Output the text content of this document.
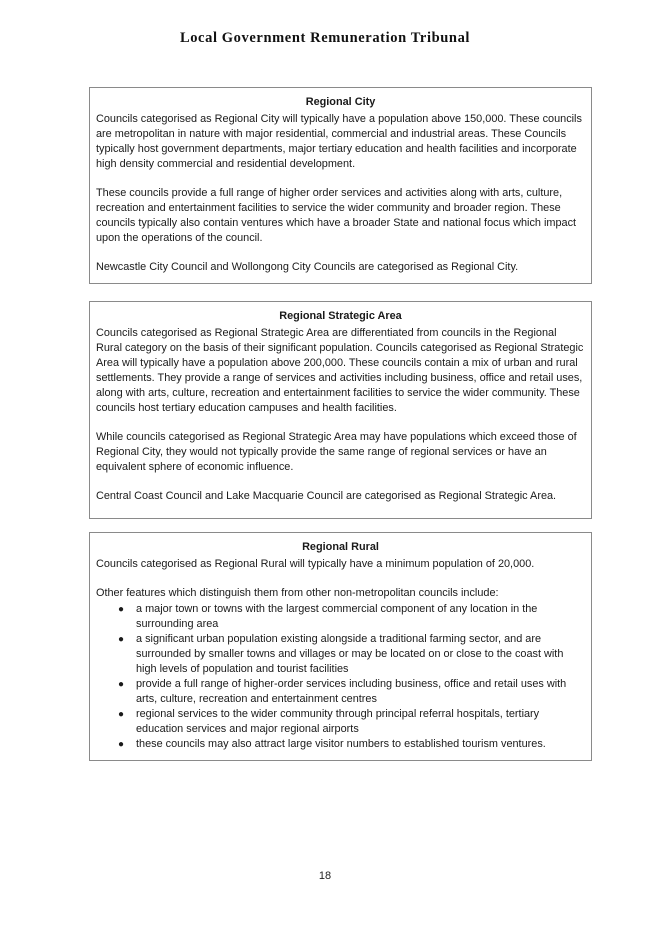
Local Government Remuneration Tribunal
Regional City

Councils categorised as Regional City will typically have a population above 150,000. These councils are metropolitan in nature with major residential, commercial and industrial areas. These Councils typically host government departments, major tertiary education and health facilities and incorporate high density commercial and residential development.

These councils provide a full range of higher order services and activities along with arts, culture, recreation and entertainment facilities to service the wider community and broader region. These councils typically also contain ventures which have a broader State and national focus which impact upon the operations of the council.

Newcastle City Council and Wollongong City Councils are categorised as Regional City.

Regional Strategic Area

Councils categorised as Regional Strategic Area are differentiated from councils in the Regional Rural category on the basis of their significant population. Councils categorised as Regional Strategic Area will typically have a population above 200,000. These councils contain a mix of urban and rural settlements. They provide a range of services and activities including business, office and retail uses, along with arts, culture, recreation and entertainment facilities to service the wider community. These councils host tertiary education campuses and health facilities.

While councils categorised as Regional Strategic Area may have populations which exceed those of Regional City, they would not typically provide the same range of regional services or have an equivalent sphere of economic influence.

Central Coast Council and Lake Macquarie Council are categorised as Regional Strategic Area.

Regional Rural

Councils categorised as Regional Rural will typically have a minimum population of 20,000.

Other features which distinguish them from other non-metropolitan councils include:

● a major town or towns with the largest commercial component of any location in the surrounding area
● a significant urban population existing alongside a traditional farming sector, and are surrounded by smaller towns and villages or may be located on or close to the coast with high levels of population and tourist facilities
● provide a full range of higher-order services including business, office and retail uses with arts, culture, recreation and entertainment centres
● regional services to the wider community through principal referral hospitals, tertiary education services and major regional airports
● these councils may also attract large visitor numbers to established tourism ventures.
18
